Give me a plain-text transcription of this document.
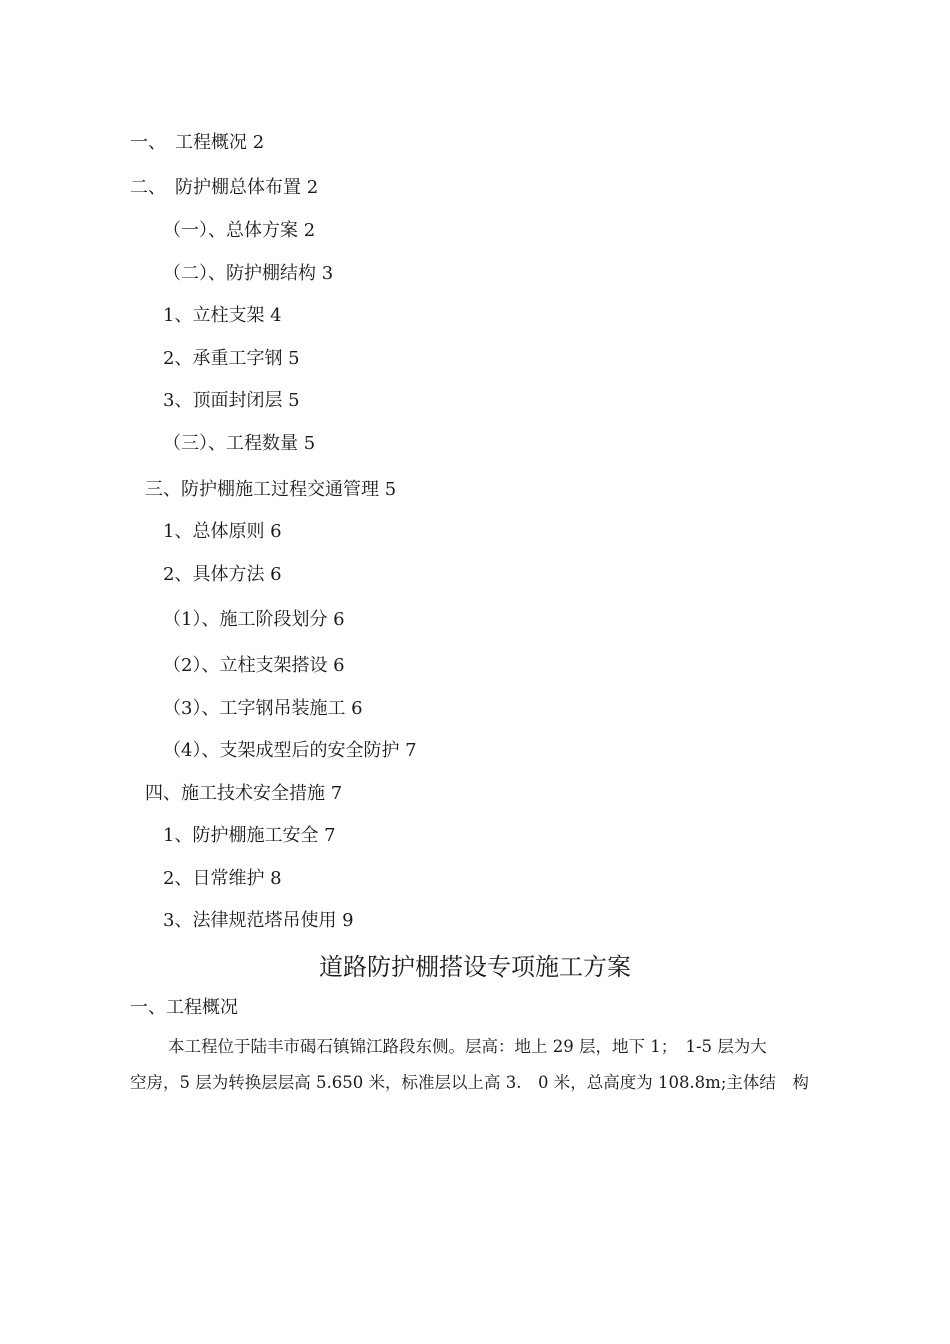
一、　工程概况 2
二、　防护棚总体布置 2
（一）、总体方案 2
（二）、防护棚结构 3
1、立柱支架 4
2、承重工字钢 5
3、顶面封闭层 5
（三）、工程数量 5
三、防护棚施工过程交通管理 5
1、总体原则 6
2、具体方法 6
（1）、施工阶段划分 6
（2）、立柱支架搭设 6
（3）、工字钢吊装施工 6
（4）、支架成型后的安全防护 7
四、施工技术安全措施 7
1、防护棚施工安全 7
2、日常维护 8
3、法律规范塔吊使用 9
道路防护棚搭设专项施工方案
一、工程概况
本工程位于陆丰市碣石镇锦江路段东侧。层高：地上 29 层，地下 1；　1-5 层为大
空房，5 层为转换层层高 5.650 米，标准层以上高 3.　0 米，总高度为 108.8m;主体结　构
